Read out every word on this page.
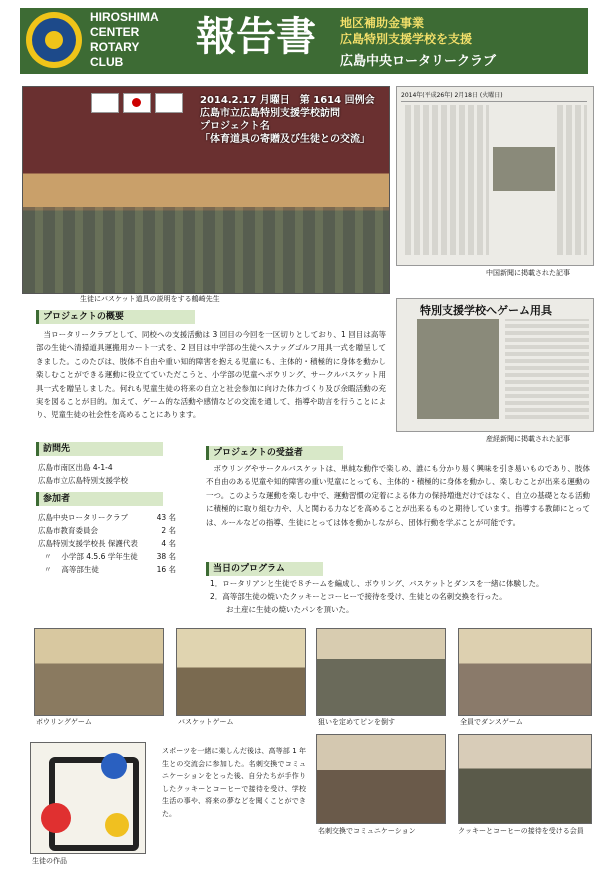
HIROSHIMA
CENTER
ROTARY
CLUB
報告書	地区補助金事業
広島特別支援学校を支援
広島中央ロータリークラブ
2014.2.17 月曜日　第 1614 回例会
広島市立広島特別支援学校訪問
プロジェクト名
「体育道具の寄贈及び生徒との交流」
生徒にバスケット道具の説明をする鶴崎先生
2014年(平成26年) 2月18日 (火曜日)
中国新聞に掲載された記事
特別支援学校へゲーム用具
産経新聞に掲載された記事
プロジェクトの概要
当ロータリークラブとして、同校への支援活動は 3 回目の今回を一区切りとしており、1 回目は高等部の生徒へ清掃道具運搬用カート一式を、2 回目は中学部の生徒へスナッグゴルフ用具一式を贈呈してきました。このたびは、肢体不自由や重い知的障害を抱える児童にも、主体的・積極的に身体を動かし楽しむことができる運動に役立てていただこうと、小学部の児童へボウリング、サークルバスケット用具一式を贈呈しました。何れも児童生徒の将来の自立と社会参加に向けた体力づくり及び余暇活動の充実を図ることが目的。加えて、ゲーム的な活動や感情などの交流を通して、指導や助言を行うことにより、児童生徒の社会性を高めることにあります。
訪問先
広島市南区出島 4-1-4
広島市立広島特別支援学校
参加者
広島中央ロータリークラブ	43 名
広島市教育委員会	2 名
広島特別支援学校長 保護代表	4 名
〃　 小学部 4.5.6 学年生徒	38 名
〃　 高等部生徒	16 名
プロジェクトの受益者
ボウリングやサークルバスケットは、単純な動作で楽しめ、誰にも分かり易く興味を引き易いものであり、肢体不自由のある児童や知的障害の重い児童にとっても、主体的・積極的に身体を動かし、楽しむことが出来る運動の一つ。このような運動を楽しむ中で、運動習慣の定着による体力の保持増進だけではなく、自立の基礎となる活動に積極的に取り組む力や、人と関わる力などを高めることが出来るものと期待しています。指導する教師にとっては、ルールなどの指導、生徒にとっては体を動かしながら、団体行動を学ぶことが可能です。
当日のプログラム
1．ロータリアンと生徒で８チームを編成し、ボウリング、バスケットとダンスを一緒に体験した。
2．高等部生徒の焼いたクッキーとコーヒーで接待を受け、生徒との名刺交換を行った。
お土産に生徒の焼いたパンを頂いた。
ボウリングゲーム	バスケットゲーム	狙いを定めてピンを倒す	全員でダンスゲーム
生徒の作品
スポーツを一緒に楽しんだ後は、高等部 1 年生との交流会に参加した。名刺交換でコミュニケーションをとった後、自分たちが手作りしたクッキーとコーヒーで接待を受け、学校生活の事や、将来の夢などを聞くことができた。
名刺交換でコミュニケーション	クッキーとコーヒーの接待を受ける会員
